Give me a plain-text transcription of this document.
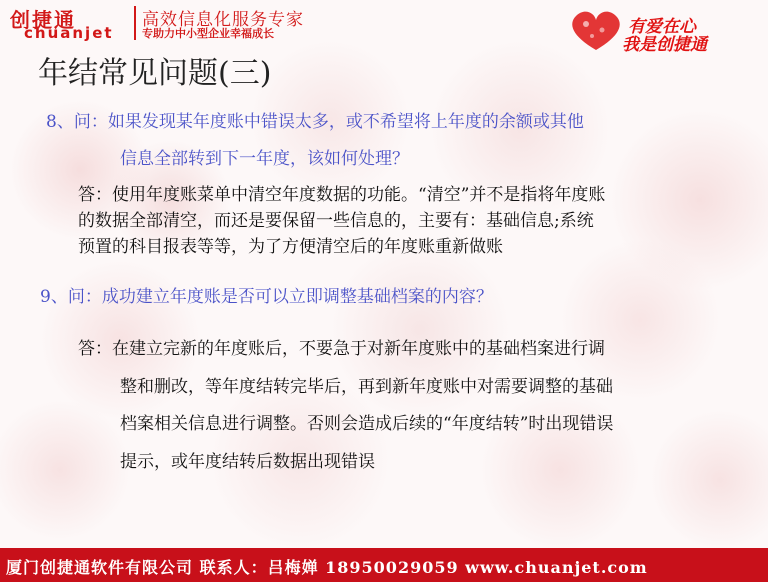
创捷通
chuanjet
高效信息化服务专家
专助力中小型企业幸福成长	有爱在心
我是创捷通
年结常见问题(三)
8、问：如果发现某年度账中错误太多，或不希望将上年度的余额或其他
信息全部转到下一年度，该如何处理？
答：使用年度账菜单中清空年度数据的功能。“清空”并不是指将年度账
的数据全部清空，而还是要保留一些信息的，主要有：基础信息;系统
预置的科目报表等等，为了方便清空后的年度账重新做账
9、问：成功建立年度账是否可以立即调整基础档案的内容？
答：在建立完新的年度账后，不要急于对新年度账中的基础档案进行调
整和删改，等年度结转完毕后，再到新年度账中对需要调整的基础
档案相关信息进行调整。否则会造成后续的“年度结转”时出现错误
提示，或年度结转后数据出现错误
厦门创捷通软件有限公司 联系人：吕梅婵 18950029059 www.chuanjet.com
